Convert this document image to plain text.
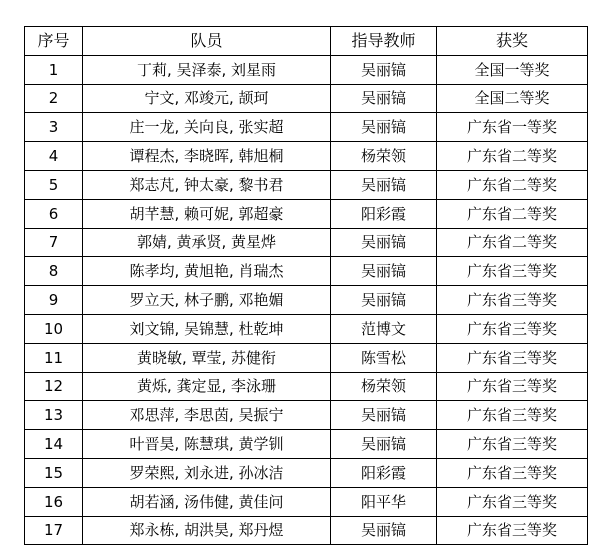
序号	队员	指导教师	获奖
1	丁莉, 吴泽泰, 刘星雨	吴丽镐	全国一等奖
2	宁文, 邓竣元, 颉珂	吴丽镐	全国二等奖
3	庄一龙, 关向良, 张实超	吴丽镐	广东省一等奖
4	谭程杰, 李晓晖, 韩旭桐	杨荣领	广东省二等奖
5	郑志芃, 钟太豪, 黎书君	吴丽镐	广东省二等奖
6	胡芊慧, 赖可妮, 郭超豪	阳彩霞	广东省二等奖
7	郭婧, 黄承贤, 黄星烨	吴丽镐	广东省二等奖
8	陈孝均, 黄旭艳, 肖瑞杰	吴丽镐	广东省三等奖
9	罗立天, 林子鹏, 邓艳媚	吴丽镐	广东省三等奖
10	刘文锦, 吴锦慧, 杜乾坤	范博文	广东省三等奖
11	黄晓敏, 覃莹, 苏健衔	陈雪松	广东省三等奖
12	黄烁, 龚定显, 李泳珊	杨荣领	广东省三等奖
13	邓思萍, 李思茵, 吴振宁	吴丽镐	广东省三等奖
14	叶晋昊, 陈慧琪, 黄学钏	吴丽镐	广东省三等奖
15	罗荣熙, 刘永进, 孙冰洁	阳彩霞	广东省三等奖
16	胡若涵, 汤伟健, 黄佳问	阳平华	广东省三等奖
17	郑永栋, 胡洪昊, 郑丹煜	吴丽镐	广东省三等奖
